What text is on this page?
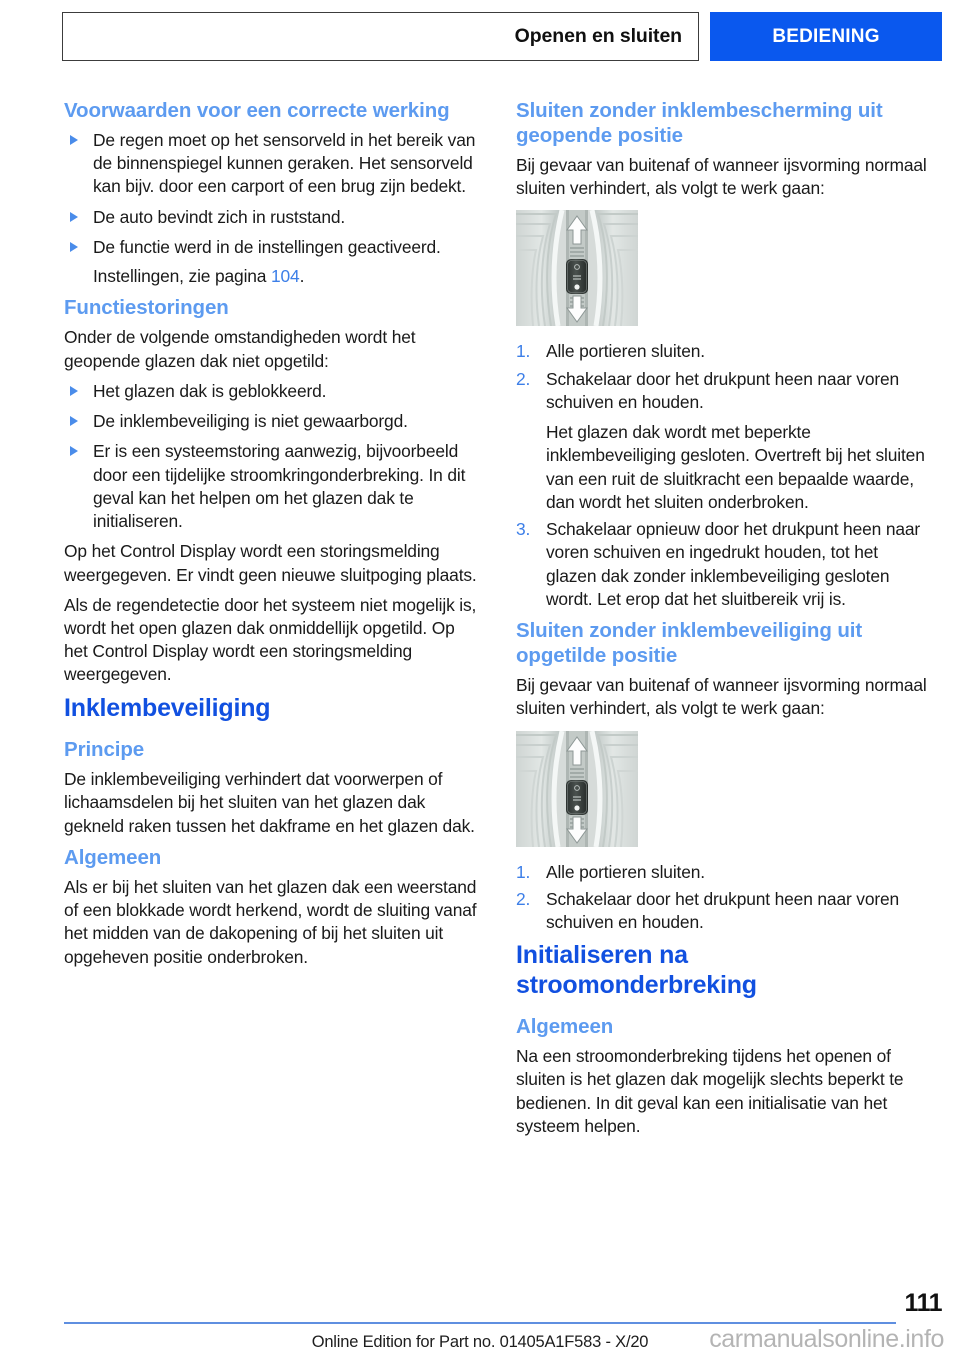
Openen en sluiten	BEDIENING
Voorwaarden voor een correcte werking
De regen moet op het sensorveld in het bereik van de binnenspiegel kunnen geraken. Het sensorveld kan bijv. door een carport of een brug zijn bedekt.
De auto bevindt zich in ruststand.
De functie werd in de instellingen geactiveerd.
Instellingen, zie pagina 104.
Functiestoringen

Onder de volgende omstandigheden wordt het geopende glazen dak niet opgetild:

Het glazen dak is geblokkeerd.
De inklembeveiliging is niet gewaarborgd.
Er is een systeemstoring aanwezig, bijvoorbeeld door een tijdelijke stroomkringonderbreking. In dit geval kan het helpen om het glazen dak te initialiseren.

Op het Control Display wordt een storingsmelding weergegeven. Er vindt geen nieuwe sluitpoging plaats.

Als de regendetectie door het systeem niet mogelijk is, wordt het open glazen dak onmiddellijk opgetild. Op het Control Display wordt een storingsmelding weergegeven.

Inklembeveiliging
Principe

De inklembeveiliging verhindert dat voorwerpen of lichaamsdelen bij het sluiten van het glazen dak gekneld raken tussen het dakframe en het glazen dak.

Algemeen

Als er bij het sluiten van het glazen dak een weerstand of een blokkade wordt herkend, wordt de sluiting vanaf het midden van de dakopening of bij het sluiten uit opgeheven positie onderbroken.

Sluiten zonder inklembescherming uit geopende positie

Bij gevaar van buitenaf of wanneer ijsvorming normaal sluiten verhindert, als volgt te werk gaan:

1. Alle portieren sluiten.
2. Schakelaar door het drukpunt heen naar voren schuiven en houden.
Het glazen dak wordt met beperkte inklembeveiliging gesloten. Overtreft bij het sluiten van een ruit de sluitkracht een bepaalde waarde, dan wordt het sluiten onderbroken.
3. Schakelaar opnieuw door het drukpunt heen naar voren schuiven en ingedrukt houden, tot het glazen dak zonder inklembeveiliging gesloten wordt. Let erop dat het sluitbereik vrij is.
Sluiten zonder inklembeveiliging uit opgetilde positie

Bij gevaar van buitenaf of wanneer ijsvorming normaal sluiten verhindert, als volgt te werk gaan:

1. Alle portieren sluiten.
2. Schakelaar door het drukpunt heen naar voren schuiven en houden.
Initialiseren na stroomonderbreking
Algemeen

Na een stroomonderbreking tijdens het openen of sluiten is het glazen dak mogelijk slechts beperkt te bedienen. In dit geval kan een initialisatie van het systeem helpen.

111
Online Edition for Part no. 01405A1F583 - X/20	carmanualsonline.info
